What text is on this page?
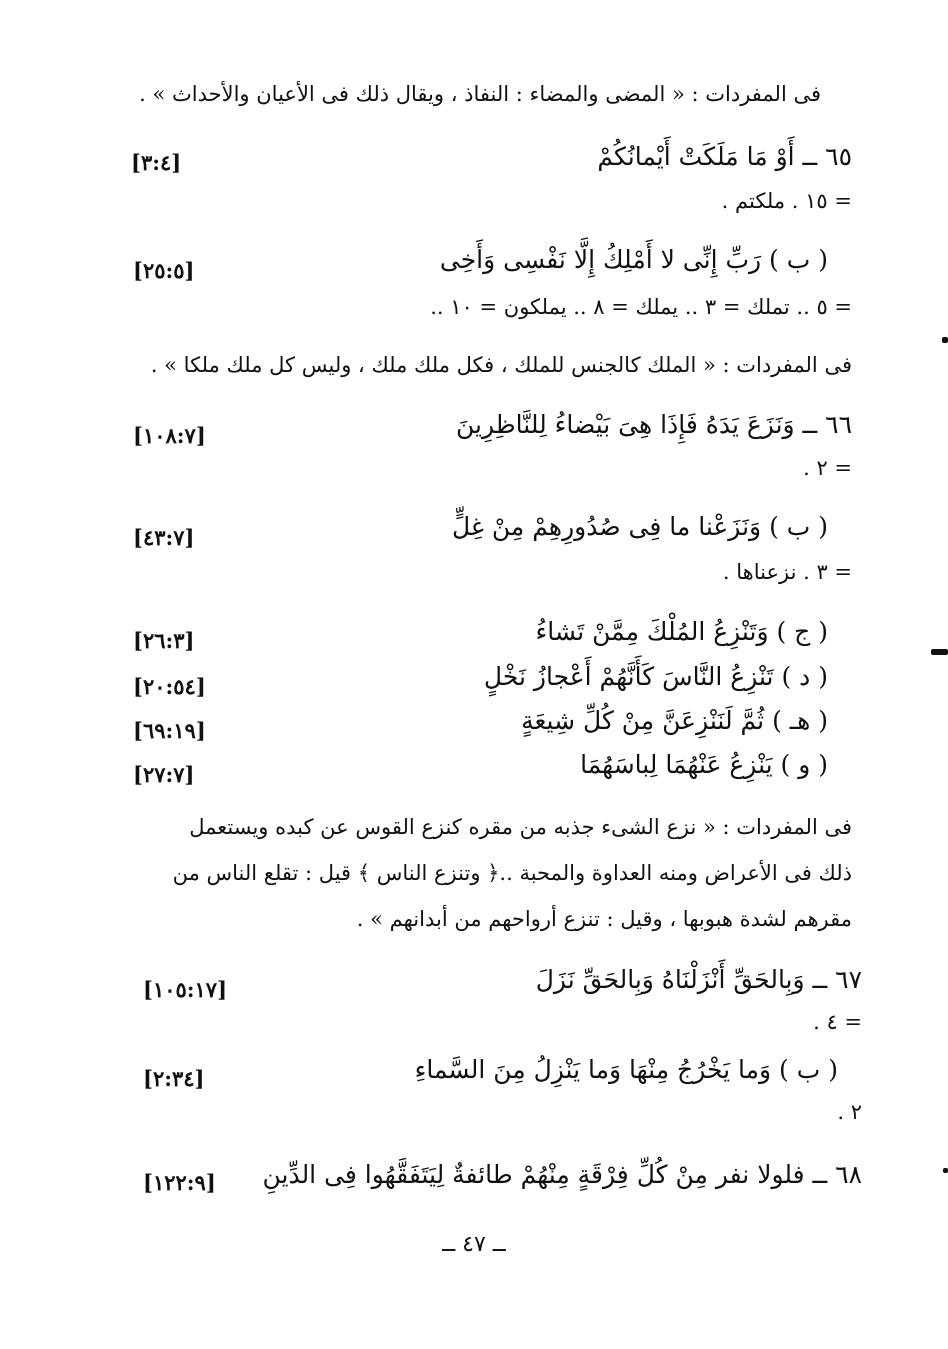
فى المفردات : « المضى والمضاء : النفاذ ، ويقال ذلك فى الأعيان والأحداث » .
٦٥ ــ أَوْ مَا مَلَكَتْ أَيْمانُكُمْ
[٣:٤]
= ١٥ . ملكتم .
( ب ) رَبِّ إِنِّى لا أَمْلِكُ إِلَّا نَفْسِى وَأَخِى
[٢٥:٥]
= ٥ .. تملك = ٣ .. يملك = ٨ .. يملكون = ١٠ ..
فى المفردات : « الملك كالجنس للملك ، فكل ملك ملك ، وليس كل ملك ملكا » .
٦٦ ــ وَنَزَعَ يَدَهُ فَإِذَا هِىَ بَيْضاءُ لِلنَّاظِرِينَ
[١٠٨:٧]
= ٢ .
( ب ) وَنَزَعْنا ما فِى صُدُورِهِمْ مِنْ غِلٍّ
[٤٣:٧]
= ٣ . نزعناها .
( ج ) وَتَنْزِعُ المُلْكَ مِمَّنْ تَشاءُ
[٢٦:٣]
( د ) تَنْزِعُ النَّاسَ كَأَنَّهُمْ أَعْجازُ نَخْلٍ
[٢٠:٥٤]
( هـ ) ثُمَّ لَنَنْزِعَنَّ مِنْ كُلِّ شِيعَةٍ
[٦٩:١٩]
( و ) يَنْزِعُ عَنْهُمَا لِباسَهُمَا
[٢٧:٧]
فى المفردات : « نزع الشىء جذبه من مقره كنزع القوس عن كبده ويستعمل
ذلك فى الأعراض ومنه العداوة والمحبة ..﴿ وتنزع الناس ﴾ قيل : تقلع الناس من
مقرهم لشدة هبوبها ، وقيل : تنزع أرواحهم من أبدانهم » .
٦٧ ــ وَبِالحَقِّ أَنْزَلْنَاهُ وَبِالحَقِّ نَزَلَ
[١٠٥:١٧]
= ٤ .
( ب ) وَما يَخْرُجُ مِنْهَا وَما يَنْزِلُ مِنَ السَّماءِ
[٢:٣٤]
٢ .
٦٨ ــ فلولا نفر مِنْ كُلِّ فِرْقَةٍ مِنْهُمْ طائفةٌ لِيَتَفَقَّهُوا فِى الدِّينِ
[١٢٢:٩]
ــ ٤٧ ــ
